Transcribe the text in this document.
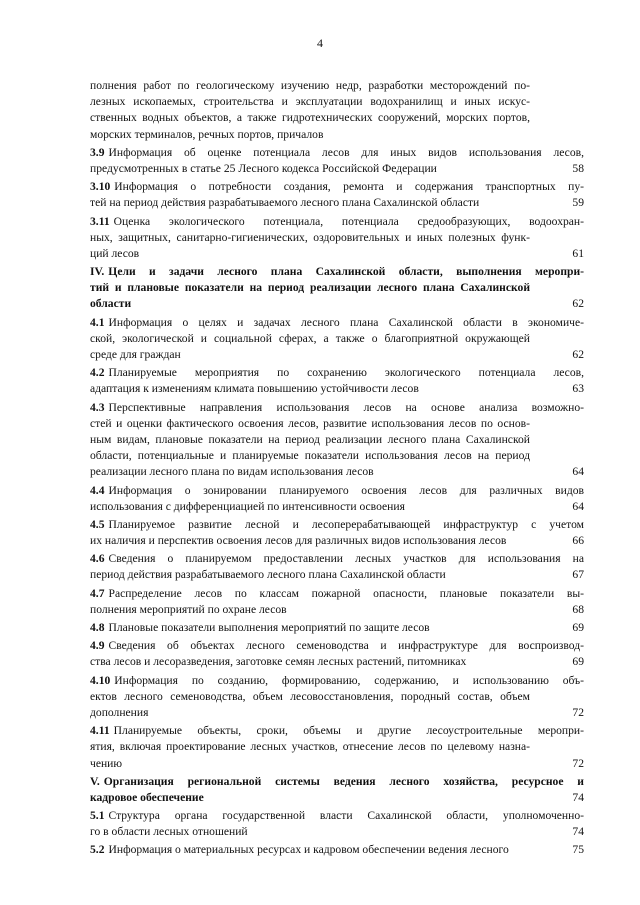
4
полнения работ по геологическому изучению недр, разработки месторождений по-
лезных ископаемых, строительства и эксплуатации водохранилищ и иных искус-
ственных водных объектов, а также гидротехнических сооружений, морских портов,
морских терминалов, речных портов, причалов
3.9 Информация об оценке потенциала лесов для иных видов использования лесов,
предусмотренных в статье 25 Лесного кодекса Российской Федерации	58
3.10 Информация о потребности создания, ремонта и содержания транспортных пу-
тей на период действия разрабатываемого лесного плана Сахалинской области	59
3.11 Оценка экологического потенциала, потенциала средообразующих, водоохран-
ных, защитных, санитарно-гигиенических, оздоровительных и иных полезных функ-
ций лесов	61
IV. Цели и задачи лесного плана Сахалинской области, выполнения меропри-
тий и плановые показатели на период реализации лесного плана Сахалинской
области	62
4.1 Информация о целях и задачах лесного плана Сахалинской области в экономиче-
ской, экологической и социальной сферах, а также о благоприятной окружающей
среде для граждан	62
4.2 Планируемые мероприятия по сохранению экологического потенциала лесов,
адаптация к изменениям климата повышению устойчивости лесов	63
4.3 Перспективные направления использования лесов на основе анализа возможно-
стей и оценки фактического освоения лесов, развитие использования лесов по основ-
ным видам, плановые показатели на период реализации лесного плана Сахалинской
области, потенциальные и планируемые показатели использования лесов на период
реализации лесного плана по видам использования лесов	64
4.4 Информация о зонировании планируемого освоения лесов для различных видов
использования с дифференциацией по интенсивности освоения	64
4.5 Планируемое развитие лесной и лесоперерабатывающей инфраструктур с учетом
их наличия и перспектив освоения лесов для различных видов использования лесов	66
4.6 Сведения о планируемом предоставлении лесных участков для использования на
период действия разрабатываемого лесного плана Сахалинской области	67
4.7 Распределение лесов по классам пожарной опасности, плановые показатели вы-
полнения мероприятий по охране лесов	68
4.8 Плановые показатели выполнения мероприятий по защите лесов	69
4.9 Сведения об объектах лесного семеноводства и инфраструктуре для воспроизвод-
ства лесов и лесоразведения, заготовке семян лесных растений, питомниках	69
4.10 Информация по созданию, формированию, содержанию, и использованию объ-
ектов лесного семеноводства, объем лесовосстановления, породный состав, объем
дополнения	72
4.11 Планируемые объекты, сроки, объемы и другие лесоустроительные меропри-
ятия, включая проектирование лесных участков, отнесение лесов по целевому назна-
чению	72
V. Организация региональной системы ведения лесного хозяйства, ресурсное и
кадровое обеспечение	74
5.1 Структура органа государственной власти Сахалинской области, уполномоченно-
го в области лесных отношений	74
5.2 Информация о материальных ресурсах и кадровом обеспечении ведения лесного	75
